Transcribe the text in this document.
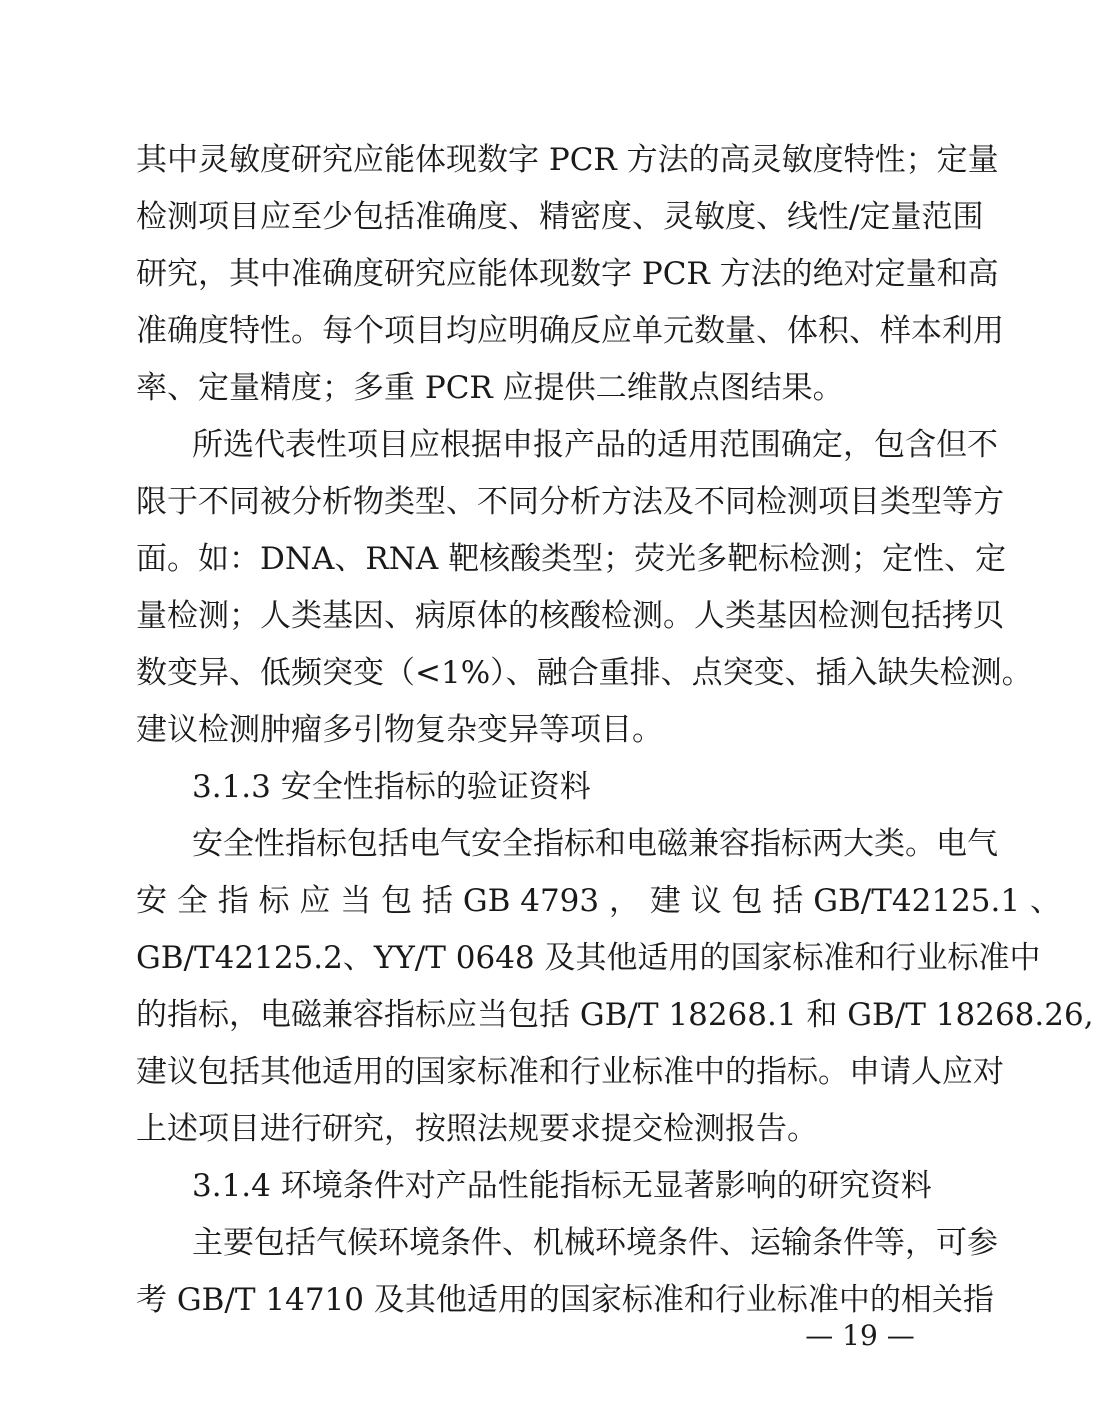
其中灵敏度研究应能体现数字 PCR 方法的高灵敏度特性；定量
检测项目应至少包括准确度、精密度、灵敏度、线性/定量范围
研究，其中准确度研究应能体现数字 PCR 方法的绝对定量和高
准确度特性。每个项目均应明确反应单元数量、体积、样本利用
率、定量精度；多重 PCR 应提供二维散点图结果。
所选代表性项目应根据申报产品的适用范围确定，包含但不
限于不同被分析物类型、不同分析方法及不同检测项目类型等方
面。如：DNA、RNA 靶核酸类型；荧光多靶标检测；定性、定
量检测；人类基因、病原体的核酸检测。人类基因检测包括拷贝
数变异、低频突变（<1%）、融合重排、点突变、插入缺失检测。
建议检测肿瘤多引物复杂变异等项目。
3.1.3 安全性指标的验证资料
安全性指标包括电气安全指标和电磁兼容指标两大类。电气
安 全 指 标 应 当 包 括 GB 4793 ， 建 议 包 括 GB/T42125.1 、
GB/T42125.2、YY/T 0648 及其他适用的国家标准和行业标准中
的指标，电磁兼容指标应当包括 GB/T 18268.1 和 GB/T 18268.26,
建议包括其他适用的国家标准和行业标准中的指标。申请人应对
上述项目进行研究，按照法规要求提交检测报告。
3.1.4 环境条件对产品性能指标无显著影响的研究资料
主要包括气候环境条件、机械环境条件、运输条件等，可参
考 GB/T 14710 及其他适用的国家标准和行业标准中的相关指
— 19 —
